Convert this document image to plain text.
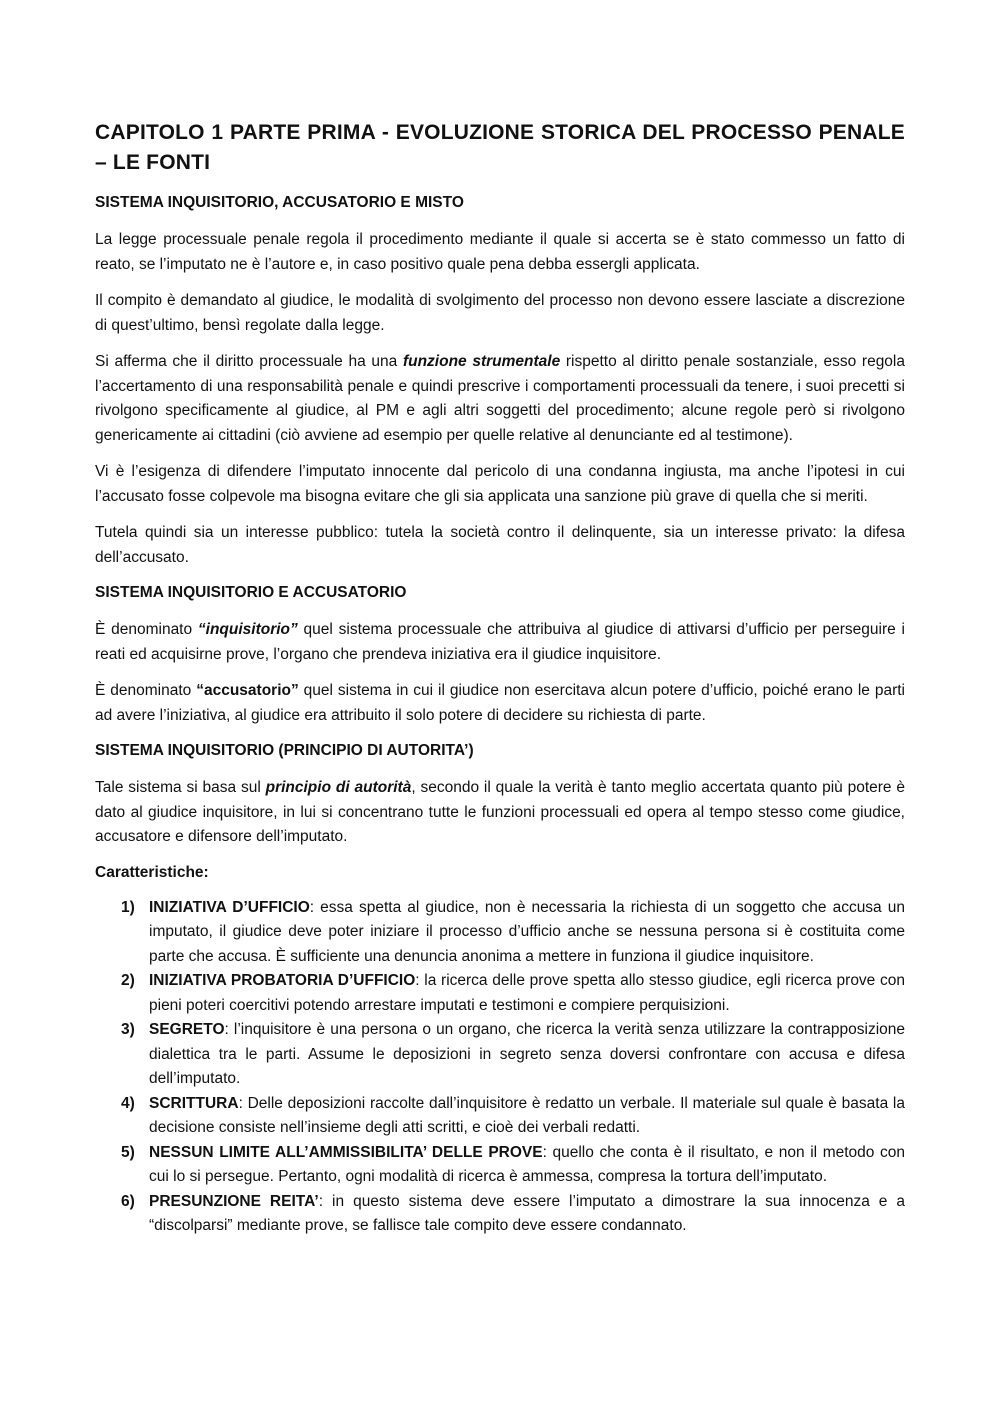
CAPITOLO 1 PARTE PRIMA - EVOLUZIONE STORICA DEL PROCESSO PENALE – LE FONTI
SISTEMA INQUISITORIO, ACCUSATORIO E MISTO

La legge processuale penale regola il procedimento mediante il quale si accerta se è stato commesso un fatto di reato, se l’imputato ne è l’autore e, in caso positivo quale pena debba essergli applicata.

Il compito è demandato al giudice, le modalità di svolgimento del processo non devono essere lasciate a discrezione di quest’ultimo, bensì regolate dalla legge.

Si afferma che il diritto processuale ha una funzione strumentale rispetto al diritto penale sostanziale, esso regola l’accertamento di una responsabilità penale e quindi prescrive i comportamenti processuali da tenere, i suoi precetti si rivolgono specificamente al giudice, al PM e agli altri soggetti del procedimento; alcune regole però si rivolgono genericamente ai cittadini (ciò avviene ad esempio per quelle relative al denunciante ed al testimone).

Vi è l’esigenza di difendere l’imputato innocente dal pericolo di una condanna ingiusta, ma anche l’ipotesi in cui l’accusato fosse colpevole ma bisogna evitare che gli sia applicata una sanzione più grave di quella che si meriti.

Tutela quindi sia un interesse pubblico: tutela la società contro il delinquente, sia un interesse privato: la difesa dell’accusato.

SISTEMA INQUISITORIO E ACCUSATORIO

È denominato “inquisitorio” quel sistema processuale che attribuiva al giudice di attivarsi d’ufficio per perseguire i reati ed acquisirne prove, l’organo che prendeva iniziativa era il giudice inquisitore.

È denominato “accusatorio” quel sistema in cui il giudice non esercitava alcun potere d’ufficio, poiché erano le parti ad avere l’iniziativa, al giudice era attribuito il solo potere di decidere su richiesta di parte.

SISTEMA INQUISITORIO (PRINCIPIO DI AUTORITA’)

Tale sistema si basa sul principio di autorità, secondo il quale la verità è tanto meglio accertata quanto più potere è dato al giudice inquisitore, in lui si concentrano tutte le funzioni processuali ed opera al tempo stesso come giudice, accusatore e difensore dell’imputato.

Caratteristiche:

1) INIZIATIVA D’UFFICIO: essa spetta al giudice, non è necessaria la richiesta di un soggetto che accusa un imputato, il giudice deve poter iniziare il processo d’ufficio anche se nessuna persona si è costituita come parte che accusa. È sufficiente una denuncia anonima a mettere in funziona il giudice inquisitore.
2) INIZIATIVA PROBATORIA D’UFFICIO: la ricerca delle prove spetta allo stesso giudice, egli ricerca prove con pieni poteri coercitivi potendo arrestare imputati e testimoni e compiere perquisizioni.
3) SEGRETO: l’inquisitore è una persona o un organo, che ricerca la verità senza utilizzare la contrapposizione dialettica tra le parti. Assume le deposizioni in segreto senza doversi confrontare con accusa e difesa dell’imputato.
4) SCRITTURA: Delle deposizioni raccolte dall’inquisitore è redatto un verbale. Il materiale sul quale è basata la decisione consiste nell’insieme degli atti scritti, e cioè dei verbali redatti.
5) NESSUN LIMITE ALL’AMMISSIBILITA’ DELLE PROVE: quello che conta è il risultato, e non il metodo con cui lo si persegue. Pertanto, ogni modalità di ricerca è ammessa, compresa la tortura dell’imputato.
6) PRESUNZIONE REITA’: in questo sistema deve essere l’imputato a dimostrare la sua innocenza e a “discolparsi” mediante prove, se fallisce tale compito deve essere condannato.
